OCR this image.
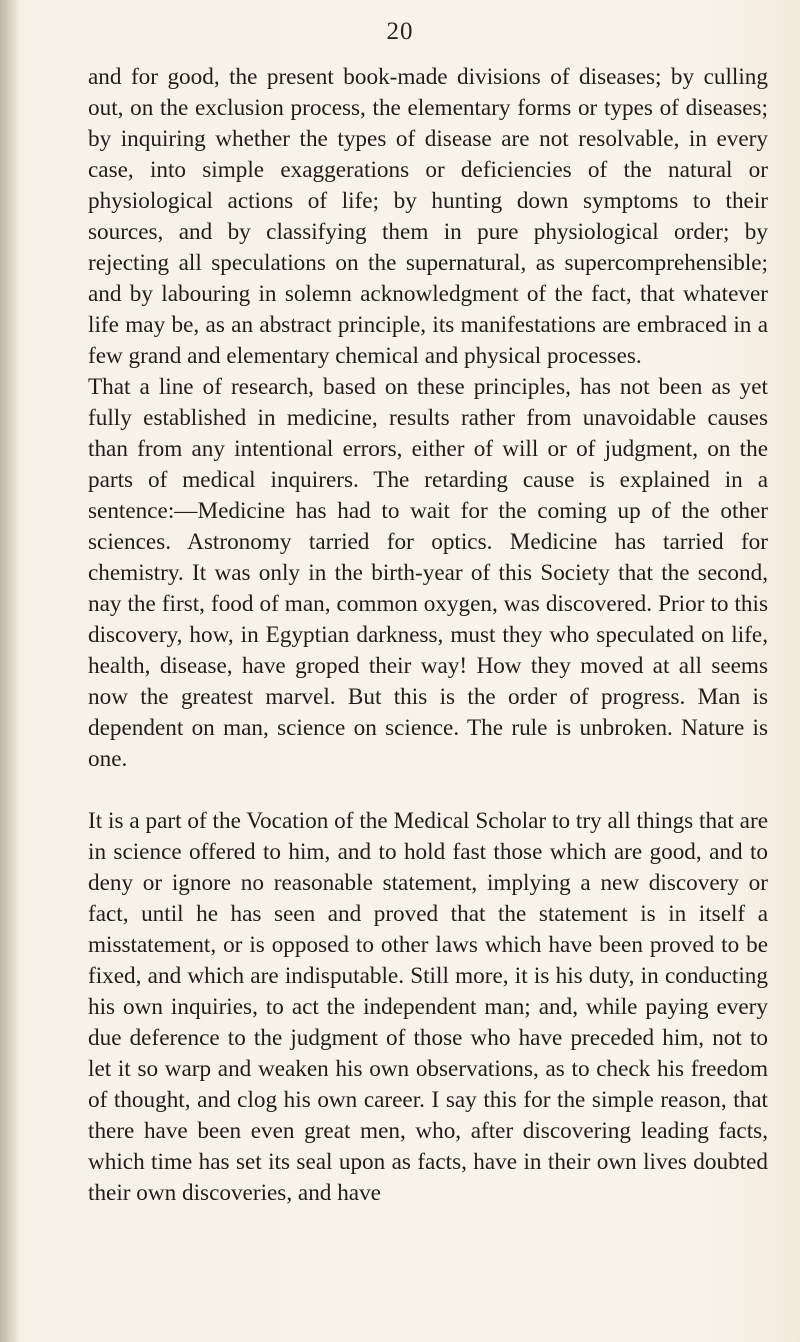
20

and for good, the present book-made divisions of diseases; by culling out, on the exclusion process, the elementary forms or types of diseases; by inquiring whether the types of disease are not resolvable, in every case, into simple exaggerations or deficiencies of the natural or physiological actions of life; by hunting down symptoms to their sources, and by classifying them in pure physiological order; by rejecting all speculations on the supernatural, as supercomprehensible; and by labouring in solemn acknowledgment of the fact, that whatever life may be, as an abstract principle, its manifestations are embraced in a few grand and elementary chemical and physical processes.

That a line of research, based on these principles, has not been as yet fully established in medicine, results rather from unavoidable causes than from any intentional errors, either of will or of judgment, on the parts of medical inquirers. The retarding cause is explained in a sentence:—Medicine has had to wait for the coming up of the other sciences. Astronomy tarried for optics. Medicine has tarried for chemistry. It was only in the birth-year of this Society that the second, nay the first, food of man, common oxygen, was discovered. Prior to this discovery, how, in Egyptian darkness, must they who speculated on life, health, disease, have groped their way! How they moved at all seems now the greatest marvel. But this is the order of progress. Man is dependent on man, science on science. The rule is unbroken. Nature is one.

It is a part of the Vocation of the Medical Scholar to try all things that are in science offered to him, and to hold fast those which are good, and to deny or ignore no reasonable statement, implying a new discovery or fact, until he has seen and proved that the statement is in itself a misstatement, or is opposed to other laws which have been proved to be fixed, and which are indisputable. Still more, it is his duty, in conducting his own inquiries, to act the independent man; and, while paying every due deference to the judgment of those who have preceded him, not to let it so warp and weaken his own observations, as to check his freedom of thought, and clog his own career. I say this for the simple reason, that there have been even great men, who, after discovering leading facts, which time has set its seal upon as facts, have in their own lives doubted their own discoveries, and have
